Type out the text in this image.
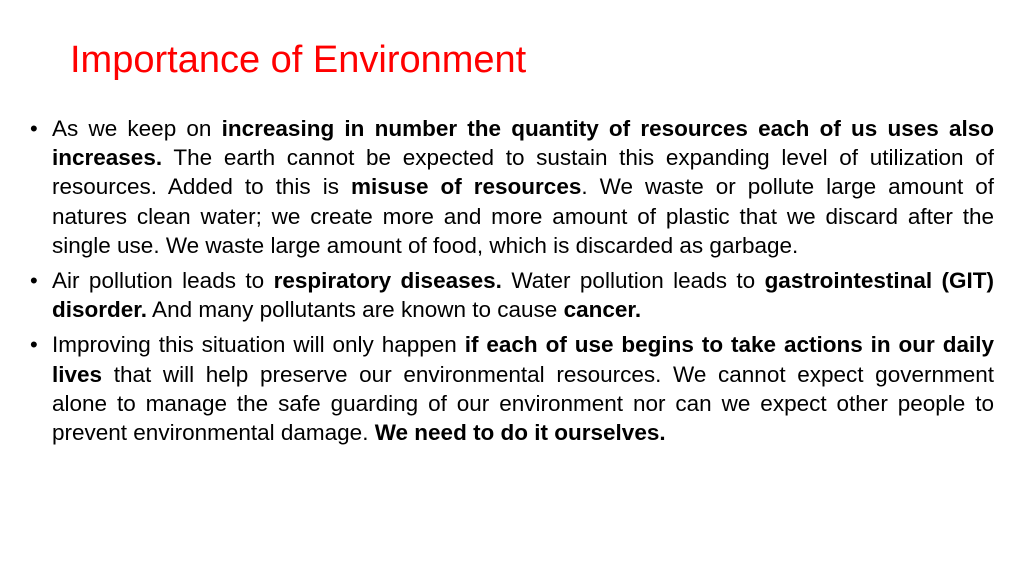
Importance of Environment
• As we keep on increasing in number the quantity of resources each of us uses also increases. The earth cannot be expected to sustain this expanding level of utilization of resources. Added to this is misuse of resources. We waste or pollute large amount of natures clean water; we create more and more amount of plastic that we discard after the single use. We waste large amount of food, which is discarded as garbage.
• Air pollution leads to respiratory diseases. Water pollution leads to gastrointestinal (GIT) disorder. And many pollutants are known to cause cancer.
• Improving this situation will only happen if each of use begins to take actions in our daily lives that will help preserve our environmental resources. We cannot expect government alone to manage the safe guarding of our environment nor can we expect other people to prevent environmental damage. We need to do it ourselves.
